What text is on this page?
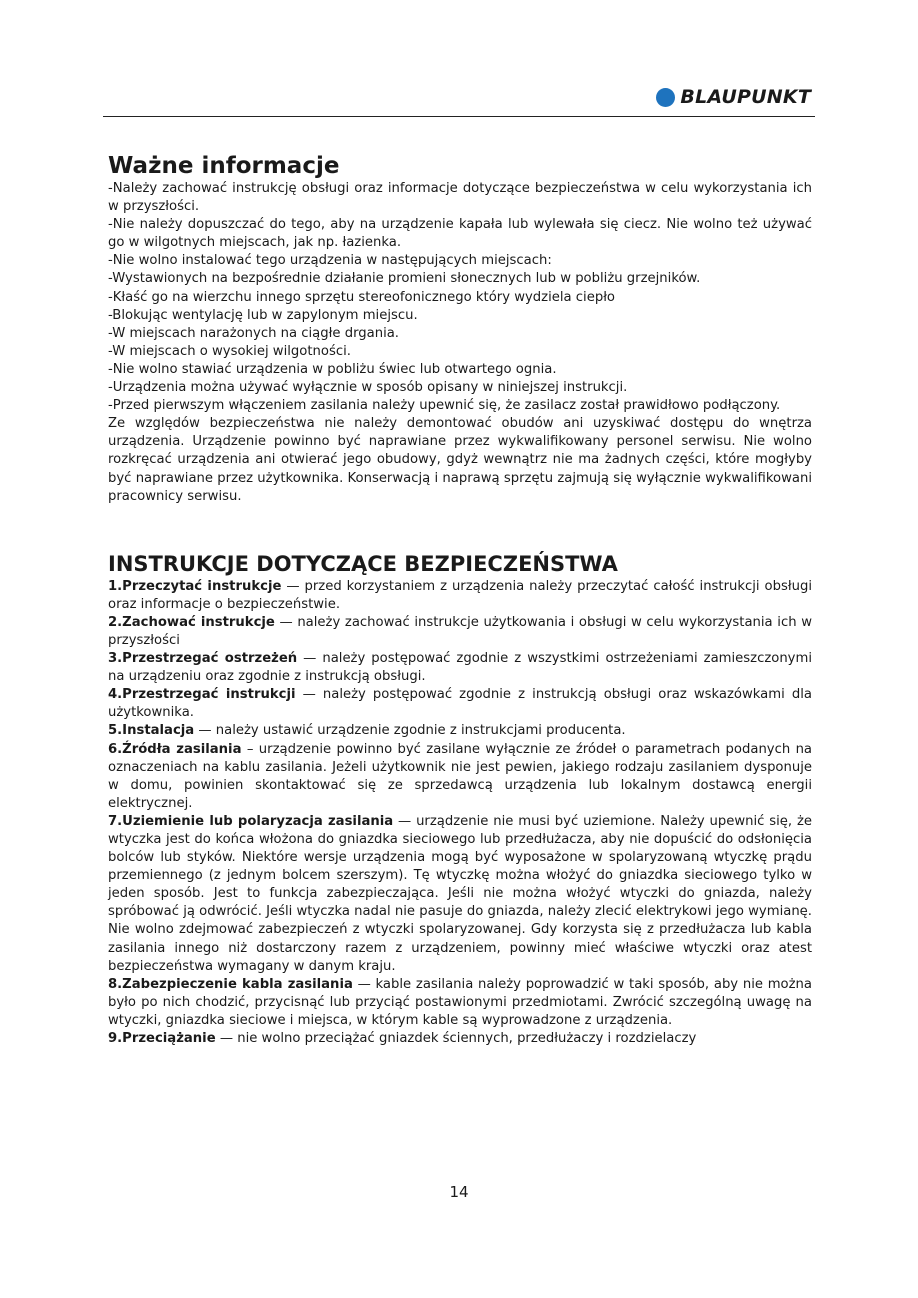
BLAUPUNKT
Ważne informacje

-Należy zachować instrukcję obsługi oraz informacje dotyczące bezpieczeństwa w celu wykorzystania ich w przyszłości.

-Nie należy dopuszczać do tego, aby na urządzenie kapała lub wylewała się ciecz. Nie wolno też używać go w wilgotnych miejscach, jak np. łazienka.

-Nie wolno instalować tego urządzenia w następujących miejscach:

-Wystawionych na bezpośrednie działanie promieni słonecznych lub w pobliżu grzejników.

-Kłaść go na wierzchu innego sprzętu stereofonicznego który wydziela ciepło

-Blokując wentylację lub w zapylonym miejscu.

-W miejscach narażonych na ciągłe drgania.

-W miejscach o wysokiej wilgotności.

-Nie wolno stawiać urządzenia w pobliżu świec lub otwartego ognia.

-Urządzenia można używać wyłącznie w sposób opisany w niniejszej instrukcji.

-Przed pierwszym włączeniem zasilania należy upewnić się, że zasilacz został prawidłowo podłączony.

Ze względów bezpieczeństwa nie należy demontować obudów ani uzyskiwać dostępu do wnętrza urządzenia. Urządzenie powinno być naprawiane przez wykwalifikowany personel serwisu. Nie wolno rozkręcać urządzenia ani otwierać jego obudowy, gdyż wewnątrz nie ma żadnych części, które mogłyby być naprawiane przez użytkownika. Konserwacją i naprawą sprzętu zajmują się wyłącznie wykwalifikowani pracownicy serwisu.

INSTRUKCJE DOTYCZĄCE BEZPIECZEŃSTWA

1.Przeczytać instrukcje — przed korzystaniem z urządzenia należy przeczytać całość instrukcji obsługi oraz informacje o bezpieczeństwie.

2.Zachować instrukcje — należy zachować instrukcje użytkowania i obsługi w celu wykorzystania ich w przyszłości

3.Przestrzegać ostrzeżeń — należy postępować zgodnie z wszystkimi ostrzeżeniami zamieszczonymi na urządzeniu oraz zgodnie z instrukcją obsługi.

4.Przestrzegać instrukcji — należy postępować zgodnie z instrukcją obsługi oraz wskazówkami dla użytkownika.

5.Instalacja — należy ustawić urządzenie zgodnie z instrukcjami producenta.

6.Źródła zasilania – urządzenie powinno być zasilane wyłącznie ze źródeł o parametrach podanych na oznaczeniach na kablu zasilania. Jeżeli użytkownik nie jest pewien, jakiego rodzaju zasilaniem dysponuje w domu, powinien skontaktować się ze sprzedawcą urządzenia lub lokalnym dostawcą energii elektrycznej.

7.Uziemienie lub polaryzacja zasilania — urządzenie nie musi być uziemione. Należy upewnić się, że wtyczka jest do końca włożona do gniazdka sieciowego lub przedłużacza, aby nie dopuścić do odsłonięcia bolców lub styków. Niektóre wersje urządzenia mogą być wyposażone w spolaryzowaną wtyczkę prądu przemiennego (z jednym bolcem szerszym). Tę wtyczkę można włożyć do gniazdka sieciowego tylko w jeden sposób. Jest to funkcja zabezpieczająca. Jeśli nie można włożyć wtyczki do gniazda, należy spróbować ją odwrócić. Jeśli wtyczka nadal nie pasuje do gniazda, należy zlecić elektrykowi jego wymianę. Nie wolno zdejmować zabezpieczeń z wtyczki spolaryzowanej. Gdy korzysta się z przedłużacza lub kabla zasilania innego niż dostarczony razem z urządzeniem, powinny mieć właściwe wtyczki oraz atest bezpieczeństwa wymagany w danym kraju.

8.Zabezpieczenie kabla zasilania — kable zasilania należy poprowadzić w taki sposób, aby nie można było po nich chodzić, przycisnąć lub przyciąć postawionymi przedmiotami. Zwrócić szczególną uwagę na wtyczki, gniazdka sieciowe i miejsca, w którym kable są wyprowadzone z urządzenia.

9.Przeciążanie — nie wolno przeciążać gniazdek ściennych, przedłużaczy i rozdzielaczy

14
